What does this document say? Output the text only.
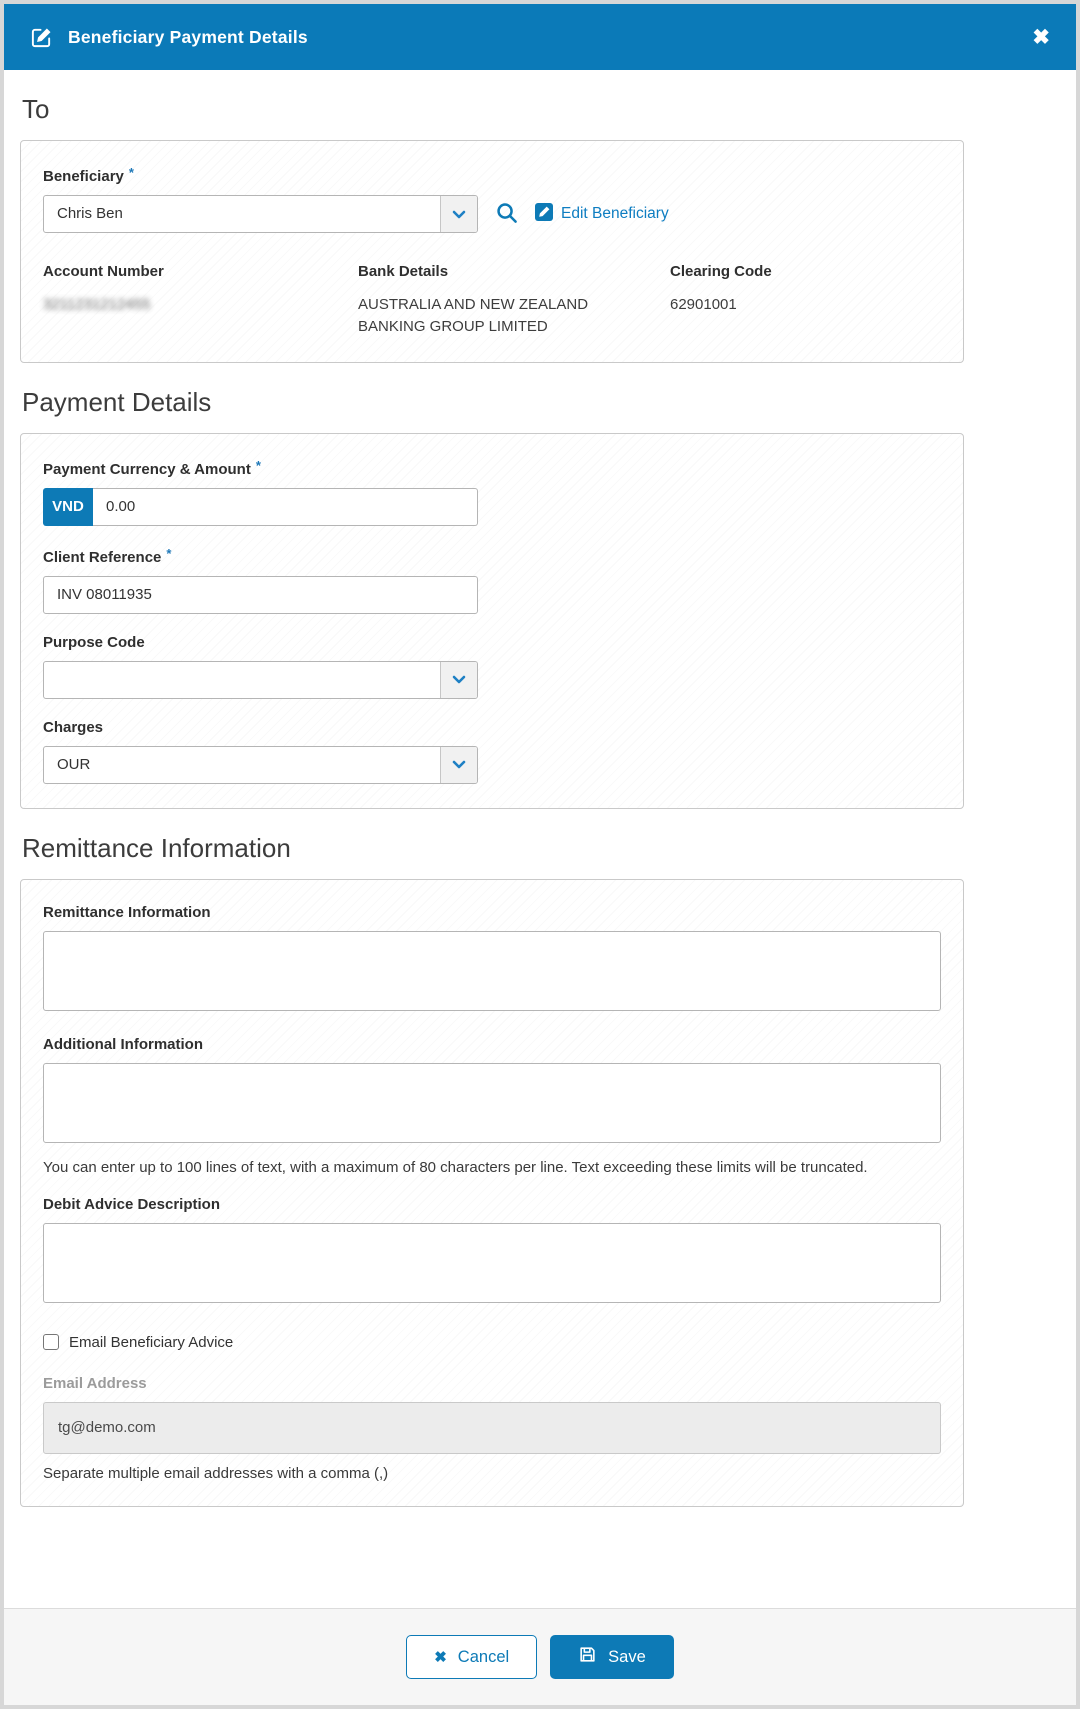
Beneficiary Payment Details	✖
To
Beneficiary *
Chris Ben	Edit Beneficiary
Account Number
3211231212455
Bank Details
AUSTRALIA AND NEW ZEALAND BANKING GROUP LIMITED
Clearing Code
62901001
Payment Details
Payment Currency & Amount *
VND
0.00
Client Reference *
INV 08011935
Purpose Code
Charges
OUR
Remittance Information
Remittance Information
Additional Information
You can enter up to 100 lines of text, with a maximum of 80 characters per line. Text exceeding these limits will be truncated.
Debit Advice Description
Email Beneficiary Advice
Email Address
tg@demo.com
Separate multiple email addresses with a comma (,)
✖ Cancel	Save
